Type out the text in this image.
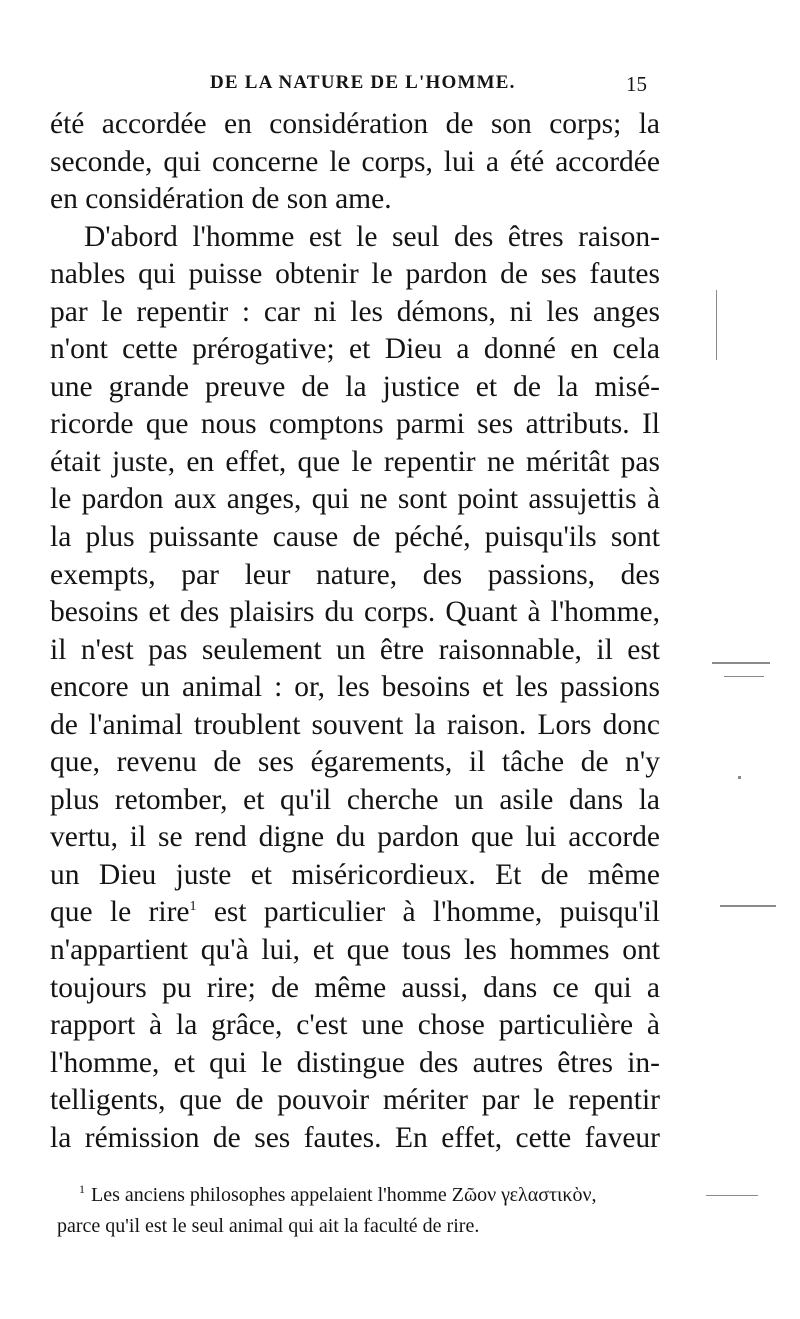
DE LA NATURE DE L'HOMME.	15
été accordée en considération de son corps; la
seconde, qui concerne le corps, lui a été accordée
en considération de son ame.
D'abord l'homme est le seul des êtres raison-
nables qui puisse obtenir le pardon de ses fautes
par le repentir : car ni les démons, ni les anges
n'ont cette prérogative; et Dieu a donné en cela
une grande preuve de la justice et de la misé-
ricorde que nous comptons parmi ses attributs. Il
était juste, en effet, que le repentir ne méritât pas
le pardon aux anges, qui ne sont point assujettis à
la plus puissante cause de péché, puisqu'ils sont
exempts, par leur nature, des passions, des
besoins et des plaisirs du corps. Quant à l'homme,
il n'est pas seulement un être raisonnable, il est
encore un animal : or, les besoins et les passions
de l'animal troublent souvent la raison. Lors donc
que, revenu de ses égarements, il tâche de n'y
plus retomber, et qu'il cherche un asile dans la
vertu, il se rend digne du pardon que lui accorde
un Dieu juste et miséricordieux. Et de même
que le rire$^1$ est particulier à l'homme, puisqu'il
n'appartient qu'à lui, et que tous les hommes ont
toujours pu rire; de même aussi, dans ce qui a
rapport à la grâce, c'est une chose particulière à
l'homme, et qui le distingue des autres êtres in-
telligents, que de pouvoir mériter par le repentir
la rémission de ses fautes. En effet, cette faveur
$^1$ Les anciens philosophes appelaient l'homme Ζῶον γελαστικὸν,
parce qu'il est le seul animal qui ait la faculté de rire.
